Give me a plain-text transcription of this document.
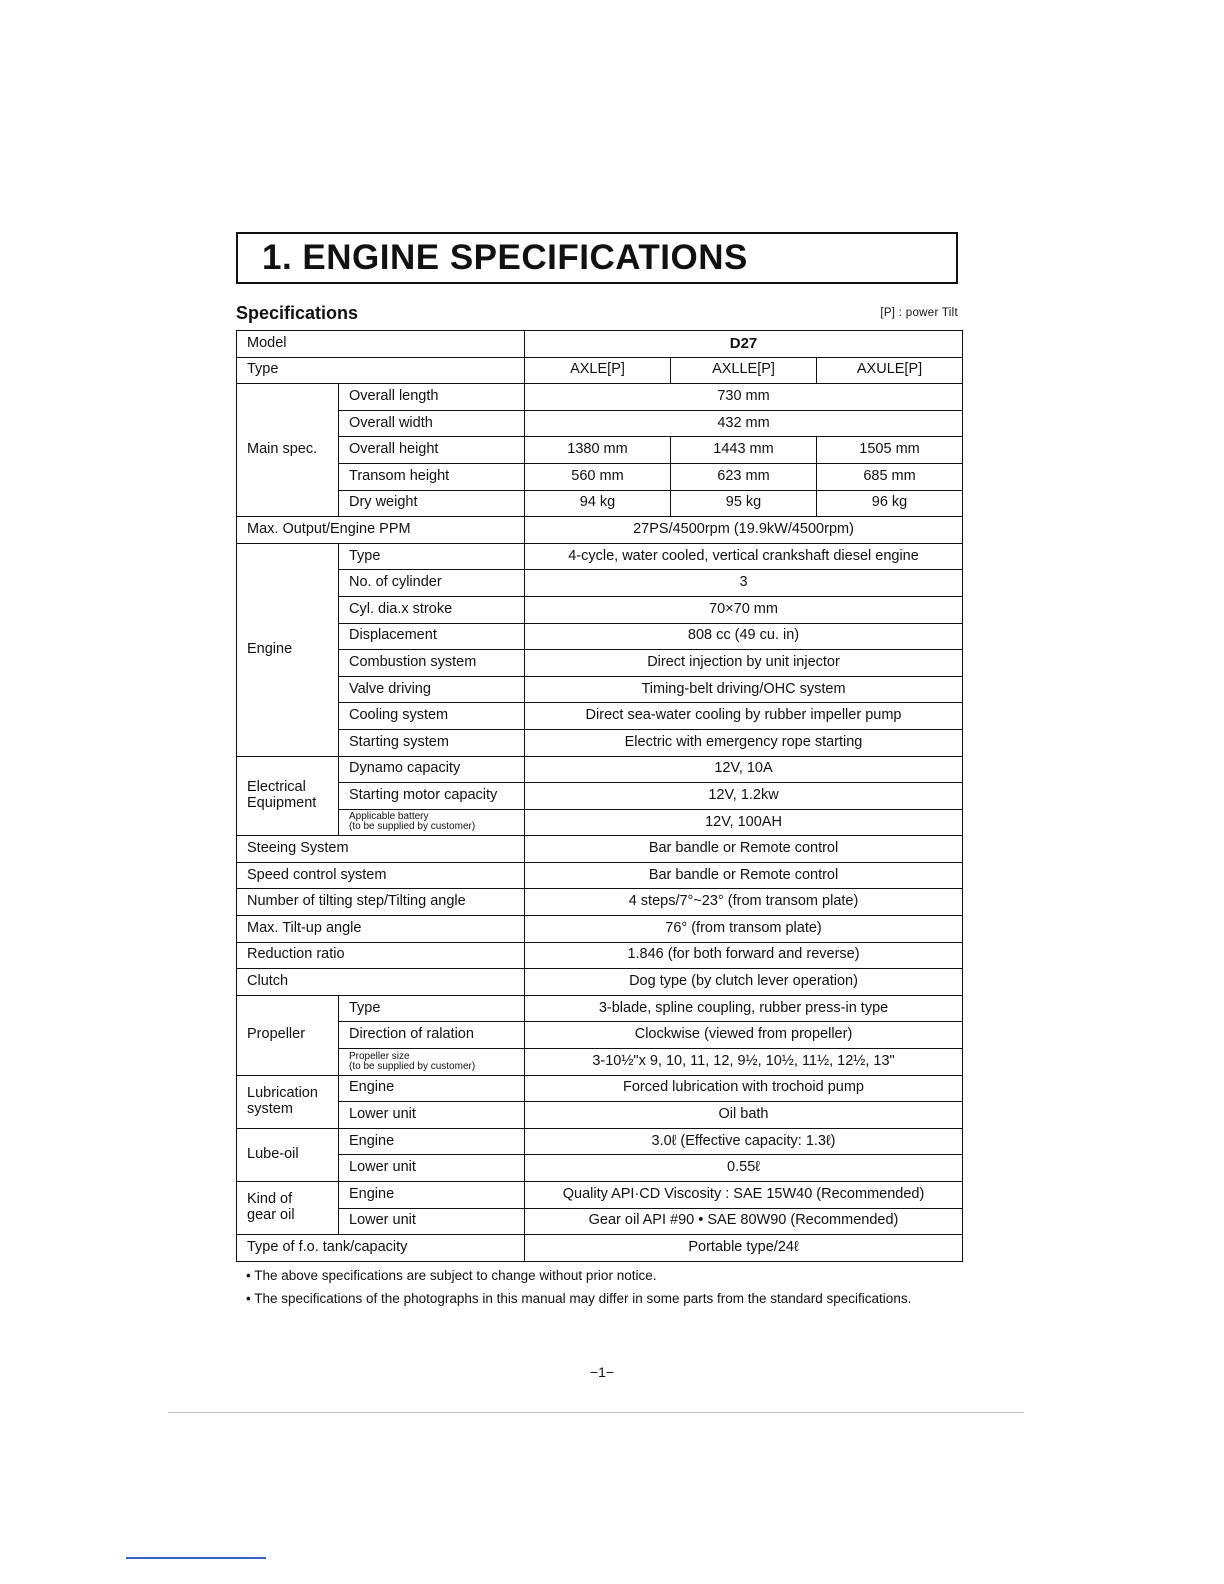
1. ENGINE SPECIFICATIONS
Specifications	[P] : power Tilt
Model		D27		
Type		AXLE[P]	AXLLE[P]	AXULE[P]
Main spec.	Overall length	730 mm		
	Overall width	432 mm		
	Overall height	1380 mm	1443 mm	1505 mm
	Transom height	560 mm	623 mm	685 mm
	Dry weight	94 kg	95 kg	96 kg
Max. Output/Engine PPM		27PS/4500rpm (19.9kW/4500rpm)		
Engine	Type	4-cycle, water cooled, vertical crankshaft diesel engine		
	No. of cylinder	3		
	Cyl. dia.x stroke	70×70 mm		
	Displacement	808 cc (49 cu. in)		
	Combustion system	Direct injection by unit injector		
	Valve driving	Timing-belt driving/OHC system		
	Cooling system	Direct sea-water cooling by rubber impeller pump		
	Starting system	Electric with emergency rope starting		
Electrical
Equipment	Dynamo capacity	12V, 10A		
	Starting motor capacity	12V, 1.2kw		
	Applicable battery
(to be supplied by customer)	12V, 100AH		
Steeing System		Bar bandle or Remote control		
Speed control system		Bar bandle or Remote control		
Number of tilting step/Tilting angle		4 steps/7°~23° (from transom plate)		
Max. Tilt-up angle		76° (from transom plate)		
Reduction ratio		1.846 (for both forward and reverse)		
Clutch		Dog type (by clutch lever operation)		
Propeller	Type	3-blade, spline coupling, rubber press-in type		
	Direction of ralation	Clockwise (viewed from propeller)		
	Propeller size
(to be supplied by customer)	3-10½"x 9, 10, 11, 12, 9½, 10½, 11½, 12½, 13"		
Lubrication
system	Engine	Forced lubrication with trochoid pump		
	Lower unit	Oil bath		
Lube-oil	Engine	3.0ℓ (Effective capacity: 1.3ℓ)		
	Lower unit	0.55ℓ		
Kind of
gear oil	Engine	Quality API·CD Viscosity : SAE 15W40 (Recommended)		
	Lower unit	Gear oil API #90 • SAE 80W90 (Recommended)		
Type of f.o. tank/capacity		Portable type/24ℓ		

• The above specifications are subject to change without prior notice.

• The specifications of the photographs in this manual may differ in some parts from the standard specifications.

−1−
